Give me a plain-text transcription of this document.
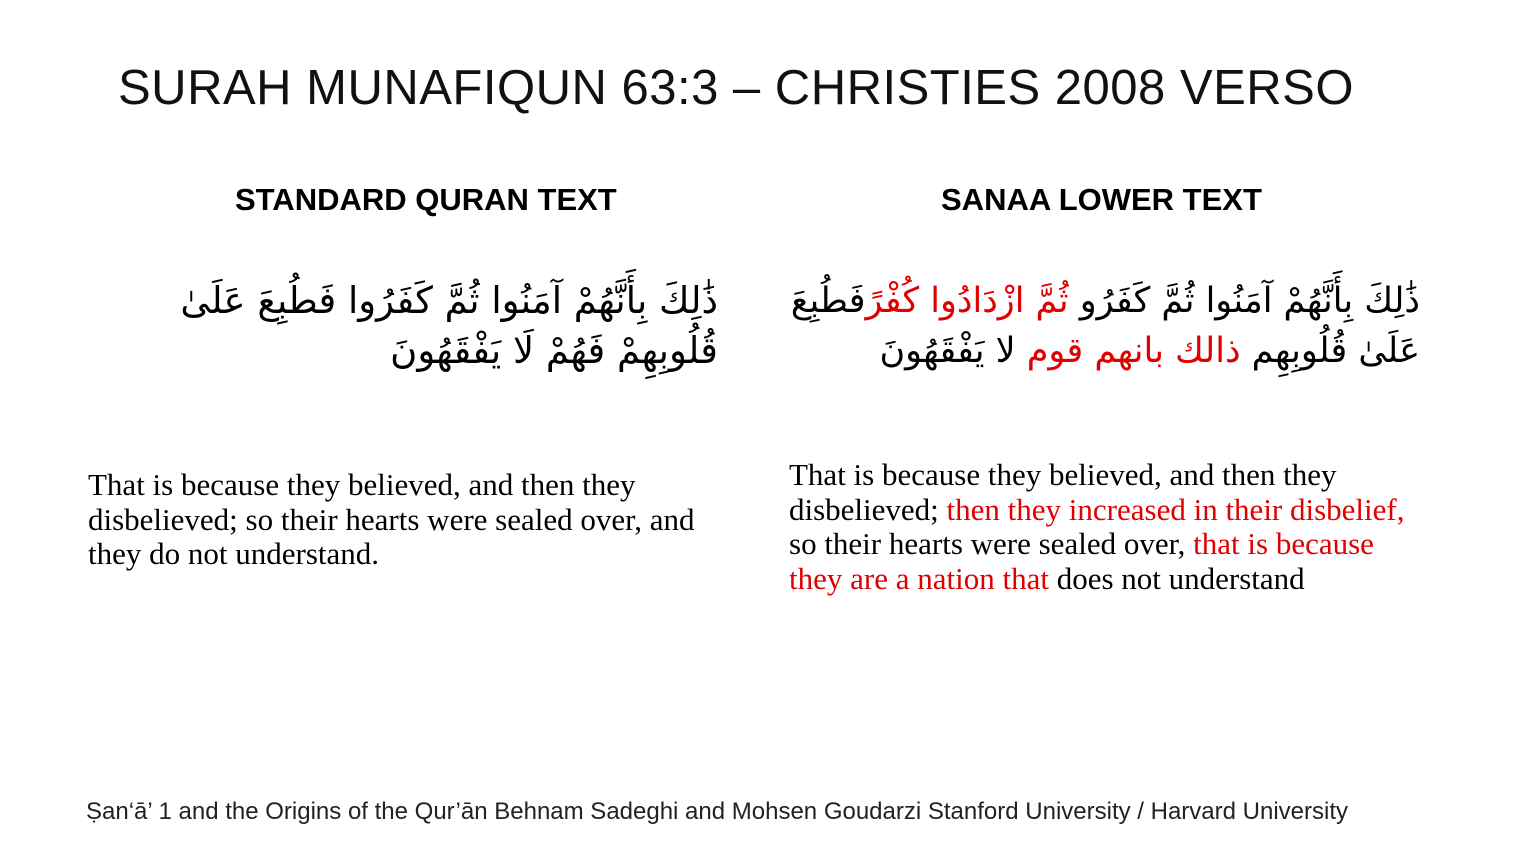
SURAH MUNAFIQUN 63:3 – CHRISTIES 2008 VERSO
STANDARD QURAN TEXT	SANAA LOWER TEXT
ذَٰلِكَ بِأَنَّهُمْ آمَنُوا ثُمَّ كَفَرُوا فَطُبِعَ عَلَىٰ
قُلُوبِهِمْ فَهُمْ لَا يَفْقَهُونَ
ذَٰلِكَ بِأَنَّهُمْ آمَنُوا ثُمَّ كَفَرُو ثُمَّ ازْدَادُوا كُفْرًفَطُبِعَ
عَلَىٰ قُلُوبِهِم ذالك بانهم قوم لا يَفْقَهُونَ
That is because they believed, and then they disbelieved; so their hearts were sealed over, and they do not understand.
That is because they believed, and then they disbelieved; then they increased in their disbelief, so their hearts were sealed over, that is because they are a nation that does not understand
Ṣan‘ā’ 1 and the Origins of the Qur’ān Behnam Sadeghi and Mohsen Goudarzi Stanford University / Harvard University
